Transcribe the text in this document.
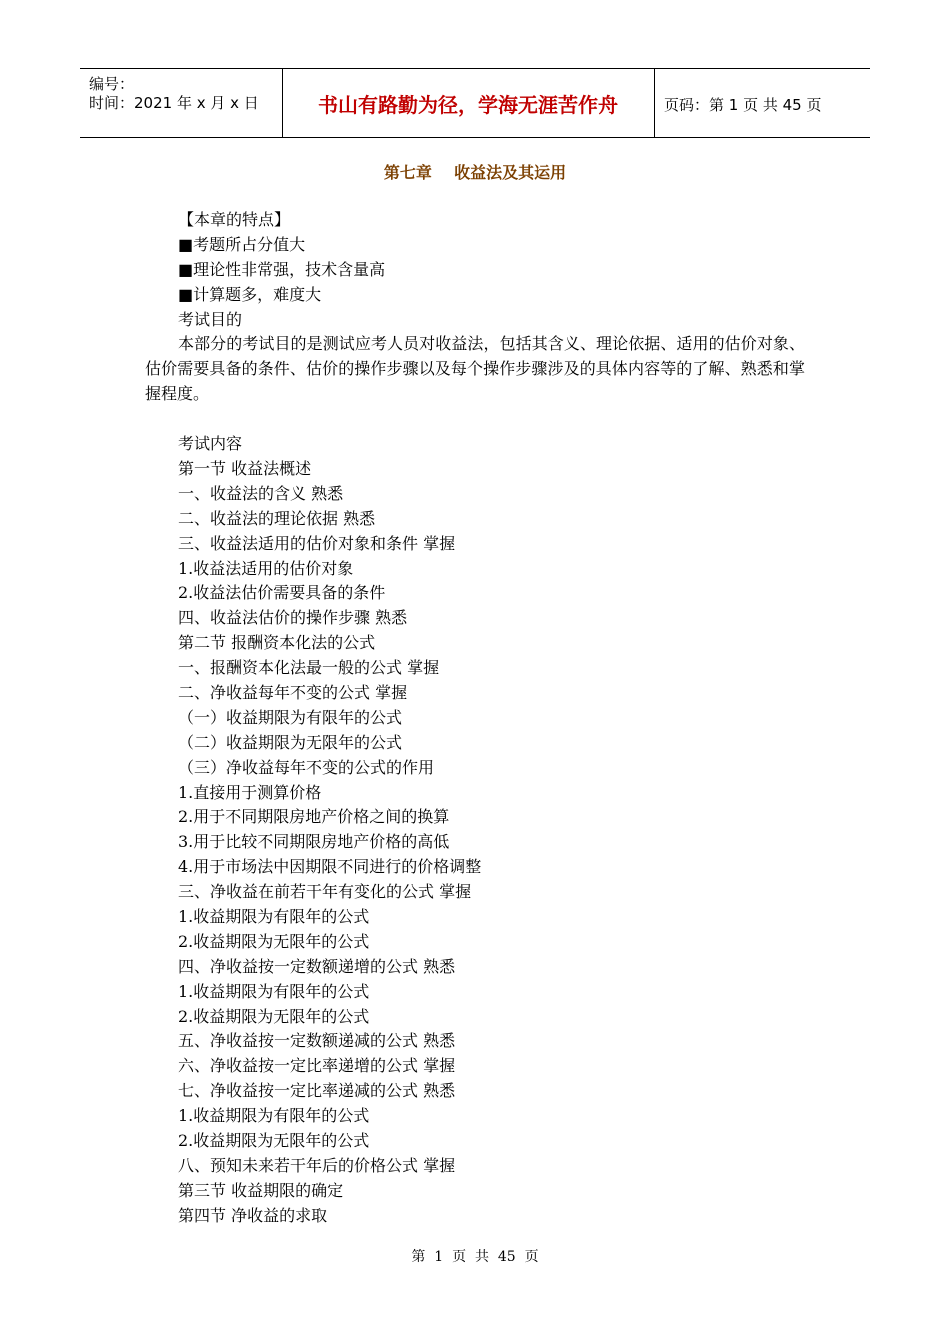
编号：
时间：2021 年 x 月 x 日	书山有路勤为径，学海无涯苦作舟	页码：第 1 页 共 45 页
第七章    收益法及其运用
【本章的特点】
■考题所占分值大
■理论性非常强，技术含量高
■计算题多，难度大
考试目的
本部分的考试目的是测试应考人员对收益法，包括其含义、理论依据、适用的估价对象、估价需要具备的条件、估价的操作步骤以及每个操作步骤涉及的具体内容等的了解、熟悉和掌握程度。
考试内容
第一节 收益法概述
一、收益法的含义 熟悉
二、收益法的理论依据 熟悉
三、收益法适用的估价对象和条件 掌握
1.收益法适用的估价对象
2.收益法估价需要具备的条件
四、收益法估价的操作步骤 熟悉
第二节 报酬资本化法的公式
一、报酬资本化法最一般的公式 掌握
二、净收益每年不变的公式 掌握
（一）收益期限为有限年的公式
（二）收益期限为无限年的公式
（三）净收益每年不变的公式的作用
1.直接用于测算价格
2.用于不同期限房地产价格之间的换算
3.用于比较不同期限房地产价格的高低
4.用于市场法中因期限不同进行的价格调整
三、净收益在前若干年有变化的公式 掌握
1.收益期限为有限年的公式
2.收益期限为无限年的公式
四、净收益按一定数额递增的公式 熟悉
1.收益期限为有限年的公式
2.收益期限为无限年的公式
五、净收益按一定数额递减的公式 熟悉
六、净收益按一定比率递增的公式 掌握
七、净收益按一定比率递减的公式 熟悉
1.收益期限为有限年的公式
2.收益期限为无限年的公式
八、预知未来若干年后的价格公式 掌握
第三节 收益期限的确定
第四节 净收益的求取
第  1  页  共  45  页
